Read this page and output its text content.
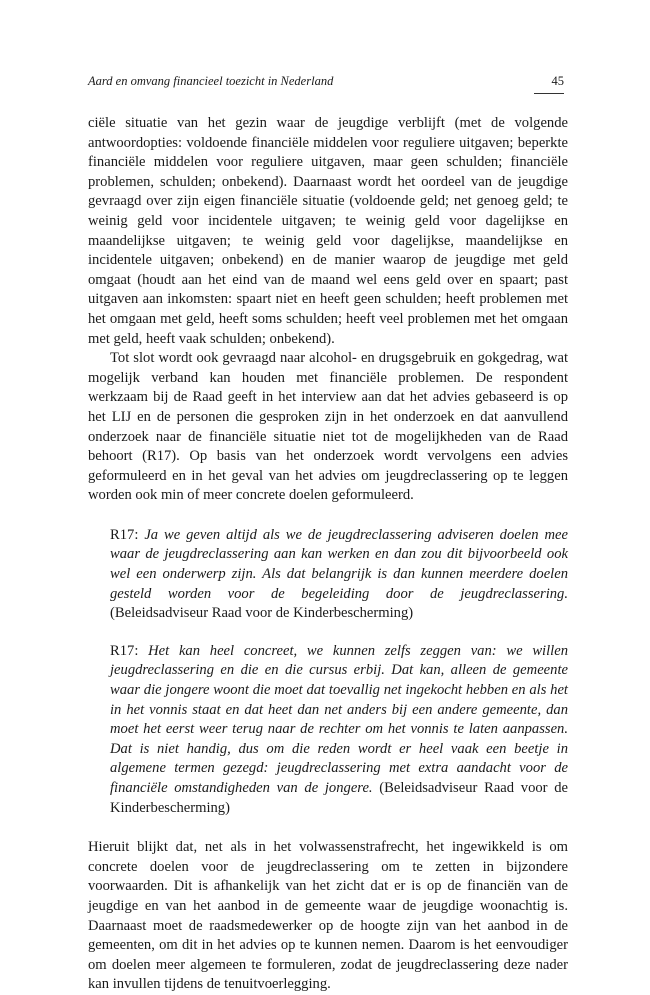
Aard en omvang financieel toezicht in Nederland	45

ciële situatie van het gezin waar de jeugdige verblijft (met de volgende antwoordopties: voldoende financiële middelen voor reguliere uitgaven; beperkte financiële middelen voor reguliere uitgaven, maar geen schulden; financiële problemen, schulden; onbekend). Daarnaast wordt het oordeel van de jeugdige gevraagd over zijn eigen financiële situatie (voldoende geld; net genoeg geld; te weinig geld voor incidentele uitgaven; te weinig geld voor dagelijkse en maandelijkse uitgaven; te weinig geld voor dagelijkse, maandelijkse en incidentele uitgaven; onbekend) en de manier waarop de jeugdige met geld omgaat (houdt aan het eind van de maand wel eens geld over en spaart; past uitgaven aan inkomsten: spaart niet en heeft geen schulden; heeft problemen met het omgaan met geld, heeft soms schulden; heeft veel problemen met het omgaan met geld, heeft vaak schulden; onbekend).

Tot slot wordt ook gevraagd naar alcohol- en drugsgebruik en gokgedrag, wat mogelijk verband kan houden met financiële problemen. De respondent werkzaam bij de Raad geeft in het interview aan dat het advies gebaseerd is op het LIJ en de personen die gesproken zijn in het onderzoek en dat aanvullend onderzoek naar de financiële situatie niet tot de mogelijkheden van de Raad behoort (R17). Op basis van het onderzoek wordt vervolgens een advies geformuleerd en in het geval van het advies om jeugdreclassering op te leggen worden ook min of meer concrete doelen geformuleerd.

R17: Ja we geven altijd als we de jeugdreclassering adviseren doelen mee waar de jeugdreclassering aan kan werken en dan zou dit bijvoorbeeld ook wel een onderwerp zijn. Als dat belangrijk is dan kunnen meerdere doelen gesteld worden voor de begeleiding door de jeugdreclassering. (Beleidsadviseur Raad voor de Kinderbescherming)

R17: Het kan heel concreet, we kunnen zelfs zeggen van: we willen jeugdreclassering en die en die cursus erbij. Dat kan, alleen de gemeente waar die jongere woont die moet dat toevallig net ingekocht hebben en als het in het vonnis staat en dat heet dan net anders bij een andere gemeente, dan moet het eerst weer terug naar de rechter om het vonnis te laten aanpassen. Dat is niet handig, dus om die reden wordt er heel vaak een beetje in algemene termen gezegd: jeugdreclassering met extra aandacht voor de financiële omstandigheden van de jongere. (Beleidsadviseur Raad voor de Kinderbescherming)

Hieruit blijkt dat, net als in het volwassenstrafrecht, het ingewikkeld is om concrete doelen voor de jeugdreclassering om te zetten in bijzondere voorwaarden. Dit is afhankelijk van het zicht dat er is op de financiën van de jeugdige en van het aanbod in de gemeente waar de jeugdige woonachtig is. Daarnaast moet de raadsmedewerker op de hoogte zijn van het aanbod in de gemeenten, om dit in het advies op te kunnen nemen. Daarom is het eenvoudiger om doelen meer algemeen te formuleren, zodat de jeugdreclassering deze nader kan invullen tijdens de tenuitvoerlegging.
